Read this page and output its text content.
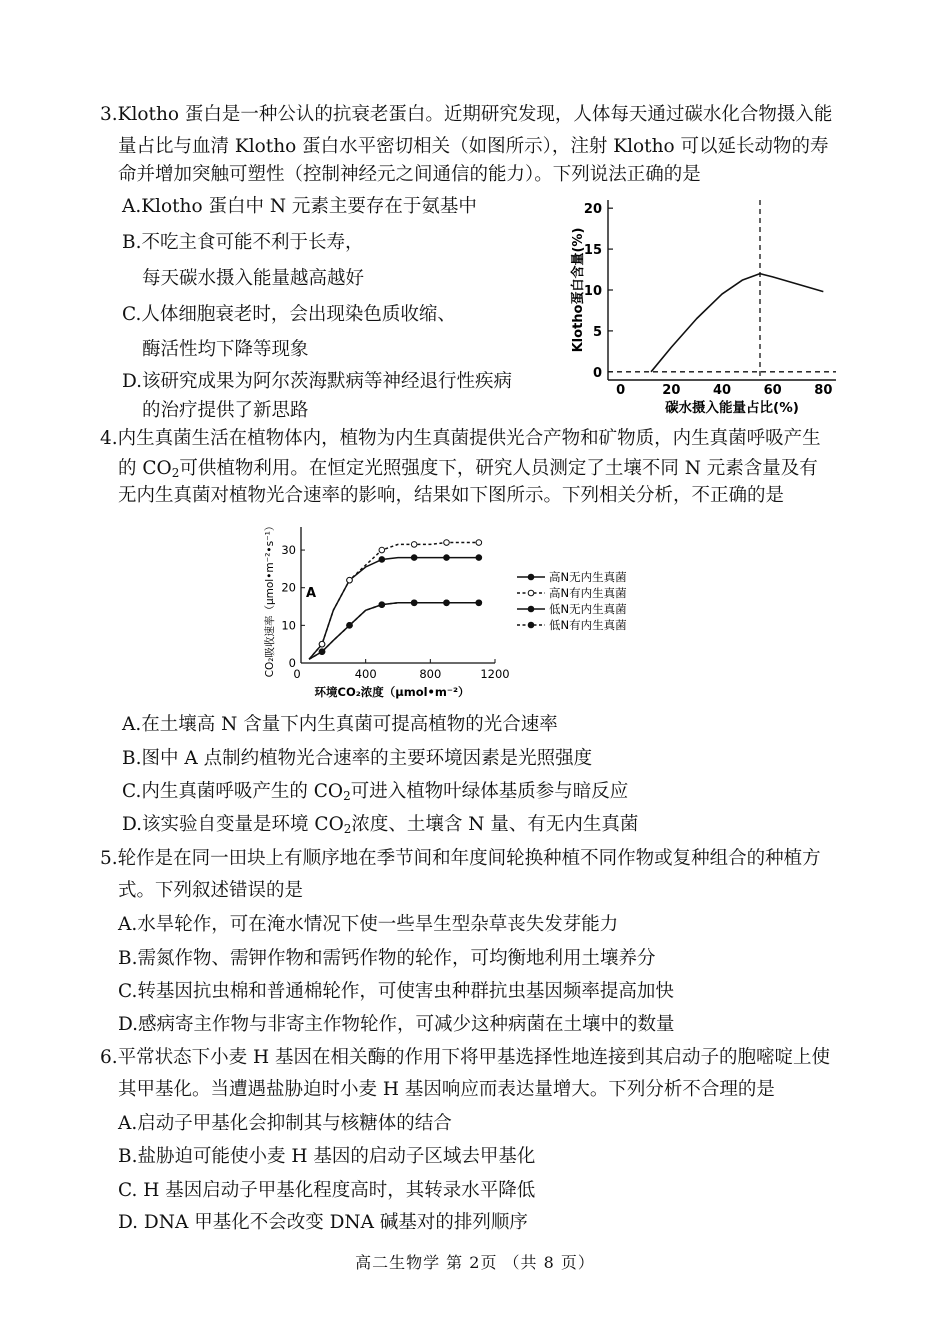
3.Klotho 蛋白是一种公认的抗衰老蛋白。近期研究发现，人体每天通过碳水化合物摄入能
量占比与血清 Klotho 蛋白水平密切相关（如图所示），注射 Klotho 可以延长动物的寿
命并增加突触可塑性（控制神经元之间通信的能力）。下列说法正确的是
A.Klotho 蛋白中 N 元素主要存在于氨基中
B.不吃主食可能不利于长寿，
每天碳水摄入能量越高越好
C.人体细胞衰老时，会出现染色质收缩、
酶活性均下降等现象
D.该研究成果为阿尔茨海默病等神经退行性疾病
的治疗提供了新思路
0
5
10
15
20
0	20	40	60	80
碳水摄入能量占比(%)
Klotho蛋白含量(%)
4.内生真菌生活在植物体内，植物为内生真菌提供光合产物和矿物质，内生真菌呼吸产生
的 $CO_2$可供植物利用。在恒定光照强度下，研究人员测定了土壤不同 N 元素含量及有
无内生真菌对植物光合速率的影响，结果如下图所示。下列相关分析，不正确的是
0
10
20
30
400	800	1200
0
环境CO₂浓度（μmol•m⁻²）
CO₂吸收速率（μmol•m⁻²•s⁻¹） A
高N无内生真菌
高N有内生真菌
低N无内生真菌
低N有内生真菌
A.在土壤高 N 含量下内生真菌可提高植物的光合速率
B.图中 A 点制约植物光合速率的主要环境因素是光照强度
C.内生真菌呼吸产生的 $CO_2$可进入植物叶绿体基质参与暗反应
D.该实验自变量是环境 $CO_2$浓度、土壤含 N 量、有无内生真菌
5.轮作是在同一田块上有顺序地在季节间和年度间轮换种植不同作物或复种组合的种植方
式。下列叙述错误的是
A.水旱轮作，可在淹水情况下使一些旱生型杂草丧失发芽能力
B.需氮作物、需钾作物和需钙作物的轮作，可均衡地利用土壤养分
C.转基因抗虫棉和普通棉轮作，可使害虫种群抗虫基因频率提高加快
D.感病寄主作物与非寄主作物轮作，可减少这种病菌在土壤中的数量
6.平常状态下小麦 H 基因在相关酶的作用下将甲基选择性地连接到其启动子的胞嘧啶上使
其甲基化。当遭遇盐胁迫时小麦 H 基因响应而表达量增大。下列分析不合理的是
A.启动子甲基化会抑制其与核糖体的结合
B.盐胁迫可能使小麦 H 基因的启动子区域去甲基化
C. H 基因启动子甲基化程度高时，其转录水平降低
D. DNA 甲基化不会改变 DNA 碱基对的排列顺序
高二生物学 第 2页 （共 8 页）
